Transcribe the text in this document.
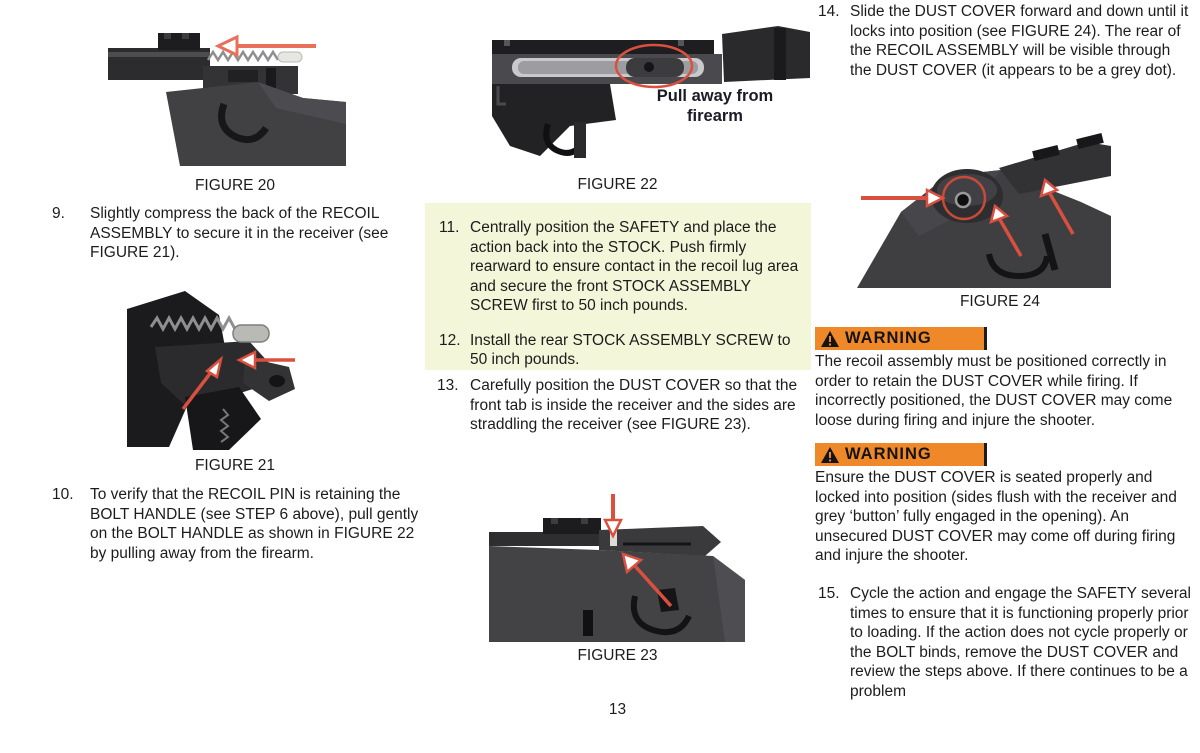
FIGURE 20
9.	Slightly compress the back of the RECOIL ASSEMBLY to secure it in the receiver (see FIGURE 21).
FIGURE 21
10.	To verify that the RECOIL PIN is retaining the BOLT HANDLE (see STEP 6 above), pull gently on the BOLT HANDLE as shown in FIGURE 22 by pulling away from the firearm.
Pull away from firearm
FIGURE 22
11. Centrally position the SAFETY and place the action back into the STOCK. Push firmly rearward to ensure contact in the recoil lug area and secure the front STOCK ASSEMBLY SCREW first to 50 inch pounds.
12. Install the rear STOCK ASSEMBLY SCREW to 50 inch pounds.
13. Carefully position the DUST COVER so that the front tab is inside the receiver and the sides are straddling the receiver (see FIGURE 23).
FIGURE 23
13
14. Slide the DUST COVER forward and down until it locks into position (see FIGURE 24). The rear of the RECOIL ASSEMBLY will be visible through the DUST COVER (it appears to be a grey dot).
FIGURE 24
WARNING
The recoil assembly must be positioned correctly in order to retain the DUST COVER while firing. If incorrectly positioned, the DUST COVER may come loose during firing and injure the shooter.
WARNING
Ensure the DUST COVER is seated properly and locked into position (sides flush with the receiver and grey ‘button’ fully engaged in the opening). An unsecured DUST COVER may come off during firing and injure the shooter.
15. Cycle the action and engage the SAFETY several times to ensure that it is functioning properly prior to loading. If the action does not cycle properly or the BOLT binds, remove the DUST COVER and review the steps above. If there continues to be a problem
